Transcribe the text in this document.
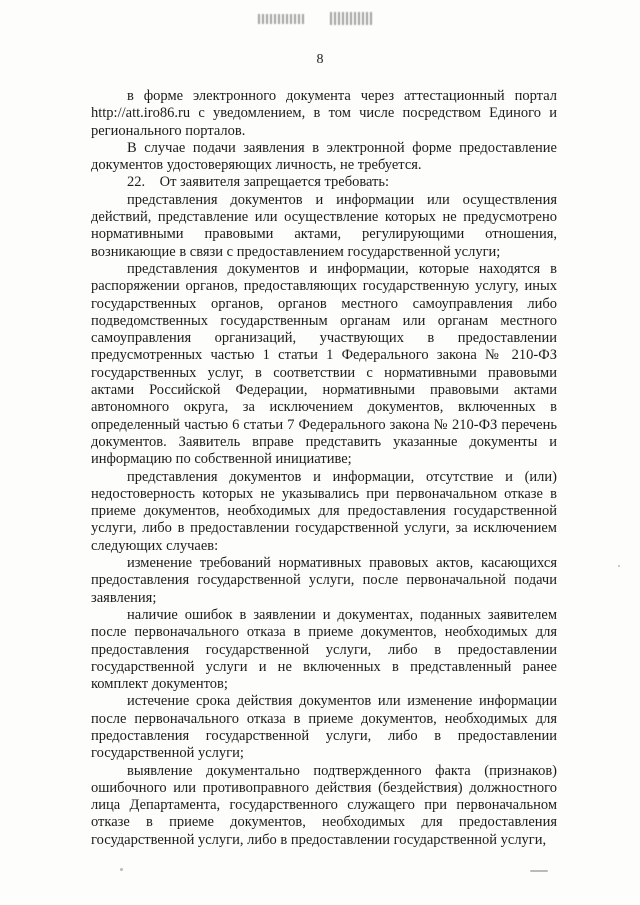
8

в форме электронного документа через аттестационный портал http://att.iro86.ru с уведомлением, в том числе посредством Единого и регионального порталов.

В случае подачи заявления в электронной форме предоставление документов удостоверяющих личность, не требуется.

22.    От заявителя запрещается требовать:

представления документов и информации или осуществления действий, представление или осуществление которых не предусмотрено нормативными правовыми актами, регулирующими отношения, возникающие в связи с предоставлением государственной услуги;

представления документов и информации, которые находятся в распоряжении органов, предоставляющих государственную услугу, иных государственных органов, органов местного самоуправления либо подведомственных государственным органам или органам местного самоуправления организаций, участвующих в предоставлении предусмотренных частью 1 статьи 1 Федерального закона № 210-ФЗ государственных услуг, в соответствии с нормативными правовыми актами Российской Федерации, нормативными правовыми актами автономного округа, за исключением документов, включенных в определенный частью 6 статьи 7 Федерального закона № 210-ФЗ перечень документов. Заявитель вправе представить указанные документы и информацию по собственной инициативе;

представления документов и информации, отсутствие и (или) недостоверность которых не указывались при первоначальном отказе в приеме документов, необходимых для предоставления государственной услуги, либо в предоставлении государственной услуги, за исключением следующих случаев:

изменение требований нормативных правовых актов, касающихся предоставления государственной услуги, после первоначальной подачи заявления;

наличие ошибок в заявлении и документах, поданных заявителем после первоначального отказа в приеме документов, необходимых для предоставления государственной услуги, либо в предоставлении государственной услуги и не включенных в представленный ранее комплект документов;

истечение срока действия документов или изменение информации после первоначального отказа в приеме документов, необходимых для предоставления государственной услуги, либо в предоставлении государственной услуги;

выявление документально подтвержденного факта (признаков) ошибочного или противоправного действия (бездействия) должностного лица Департамента, государственного служащего при первоначальном отказе в приеме документов, необходимых для предоставления государственной услуги, либо в предоставлении государственной услуги,
